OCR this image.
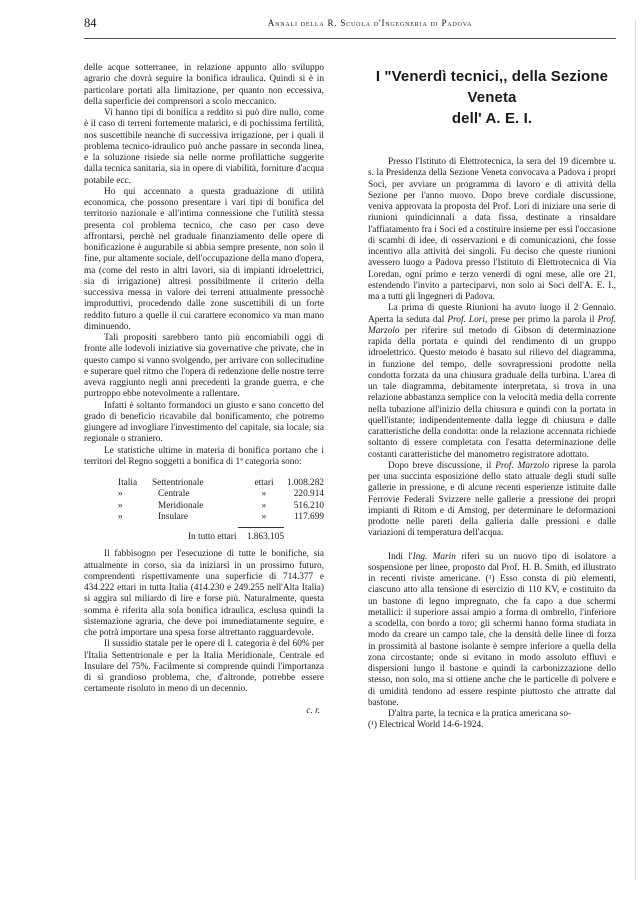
84	Annali della R. Scuola d'Ingegneria di Padova

delle acque sotterranee, in relazione appunto allo sviluppo agrario che dovrà seguire la bonifica idraulica. Quindi si è in particolare portati alla limitazione, per quanto non eccessiva, della superficie dei comprensori a scolo meccanico.

Vi hanno tipi di bonifica a reddito si può dire nullo, come è il caso di terreni fortemente malarici, e di pochissima fertilità, nos suscettibile neanche di successiva irrigazione, per i quali il problema tecnico-idraulico può anche passare in seconda linea, e la soluzione risiede sia nelle norme profilattiche suggerite dalla tecnica sanitaria, sia in opere di viabilità, forniture d'acqua potabile ecc.

Ho qui accennato a questa graduazione di utilità economica, che possono presentare i vari tipi di bonifica del territorio nazionale e all'intima connessione che l'utilità stessa presenta col problema tecnico, che caso per caso deve affrontarsi, perchè nel graduale finanziamento delle opere di bonificazione è augurabile si abbia sempre presente, non solo il fine, pur altamente sociale, dell'occupazione della mano d'opera, ma (come del resto in altri lavori, sia di impianti idroelettrici, sia di irrigazione) altresì possibilmente il criterio della successiva messa in valore dei terreni attualmente pressochè improduttivi, procedendo dalle zone suscettibili di un forte reddito futuro a quelle il cui carattere economico va man mano diminuendo.

Tali propositi sarebbero tanto più encomiabili oggi di fronte alle lodevoli iniziative sia governative che private, che in questo campo si vanno svolgendo, per arrivare con sollecitudine e superare quel ritmo che l'opera di redenzione delle nostre terre aveva raggiunto negli anni precedenti la grande guerra, e che purtroppo ebbe notevolmente a rallentare.

Infatti è soltanto formandoci un giusto e sano concetto del grado di beneficio ricavabile dal bonificamento, che potremo giungere ad invogliare l'investimento del capitale, sia locale, sia regionale o straniero.

Le statistiche ultime in materia di bonifica portano che i territori del Regno soggetti a bonifica di 1ª categoria sono:

Italia	Settentrionale	ettari	1.008.282
»	Centrale	»	220.914
»	Meridionale	»	516.210
»	Insulare	»	117.699
In tutto ettari 1.863.105

Il fabbisogno per l'esecuzione di tutte le bonifiche, sia attualmente in corso, sia da iniziarsi in un prossimo futuro, comprendenti rispettivamente una superficie di 714.377 e 434.222 ettari in tutta Italia (414.230 e 249.255 nell'Alta Italia) si aggira sul miliardo di lire e forse più. Naturalmente, questa somma è riferita alla sola bonifica idraulica, esclusa quindi la sistemazione agraria, che deve poi immediatamente seguire, e che potrà importare una spesa forse altrettanto ragguardevole.

Il sussidio statale per le opere di I. categoria è del 60% per l'Italia Settentrionale e per la Italia Meridionale, Centrale ed Insulare del 75%. Facilmente si comprende quindi l'importanza di sì grandioso problema, che, d'altronde, potrebbe essere certamente risoluto in meno di un decennio.

c. r.
I "Venerdì tecnici,, della Sezione Veneta
dell' A. E. I.

Presso l'Istituto di Elettrotecnica, la sera del 19 dicembre u. s. la Presidenza della Sezione Veneta convocava a Padova i propri Soci, per avviare un programma di lavoro e di attività della Sezione per l'anno nuovo. Dopo breve cordiale discussione, veniva approvata la proposta del Prof. Lori di iniziare una serie di riunioni quindicinnali a data fissa, destinate a rinsaldare l'affiatamento fra i Soci ed a costituire insieme per essi l'occasione di scambi di idee, di osservazioni e di comunicazioni, che fosse incentivo alla attività dei singoli. Fu deciso che queste riunioni avessero luogo a Padova presso l'Istituto di Elettrotecnica di Via Loredan, ogni primo e terzo venerdì di ogni mese, alle ore 21, estendendo l'invito a parteciparvi, non solo ai Soci dell'A. E. I., ma a tutti gli Ingegneri di Padova.

La prima di queste Riunioni ha avuto luogo il 2 Gennaio. Aperta la seduta dal Prof. Lori, prese per primo la parola il Prof. Marzolo per riferire sul metodo di Gibson di determinazione rapida della portata e quindi del rendimento di un gruppo idroelettrico. Questo metodo è basato sul rilievo del diagramma, in funzione del tempo, delle sovrapressioni prodotte nella condotta forzata da una chiusura graduale della turbina. L'area di un tale diagramma, debitamente interpretata, si trova in una relazione abbastanza semplice con la velocità media della corrente nella tubazione all'inizio della chiusura e quindi con la portata in quell'istante; indipendentemente dalla legge di chiusura e dalle caratteristiche della condotta: onde la relazione accennata richiede soltanto di essere completata con l'esatta determinazione delle costanti caratteristiche del manometro registratore adottato.

Dopo breve discussione, il Prof. Marzolo riprese la parola per una succinta esposizione dello stato attuale degli studi sulle gallerie in pressione, e di alcune recenti esperienze istituite dalle Ferrovie Federali Svizzere nelle gallerie a pressione dei propri impianti di Ritom e di Amstog, per determinare le deformazioni prodotte nelle pareti della galleria dalle pressioni e dalle variazioni di temperatura dell'acqua.

Indi l'Ing. Marin riferì su un nuovo tipo di isolatore a sospensione per linee, proposto dal Prof. H. B. Smith, ed illustrato in recenti riviste americane. (¹) Esso consta di più elementi, ciascuno atto alla tensione di esercizio di 110 KV, e costituito da un bastone di legno impregnato, che fa capo a due schermi metallici: il superiore assai ampio a forma di ombrello, l'inferiore a scodella, con bordo a toro; gli schermi hanno forma studiata in modo da creare un campo tale, che la densità delle linee di forza in prossimità al bastone isolante è sempre inferiore a quella della zona circostante; onde si evitano in modo assoluto effluvi e dispersioni lungo il bastone e quindi la carbonizzazione dello stesso, non solo, ma si ottiene anche che le particelle di polvere e di umidità tendono ad essere respinte piuttosto che attratte dal bastone.

D'altra parte, la tecnica e la pratica americana so-

(¹) Electrical World 14-6-1924.
